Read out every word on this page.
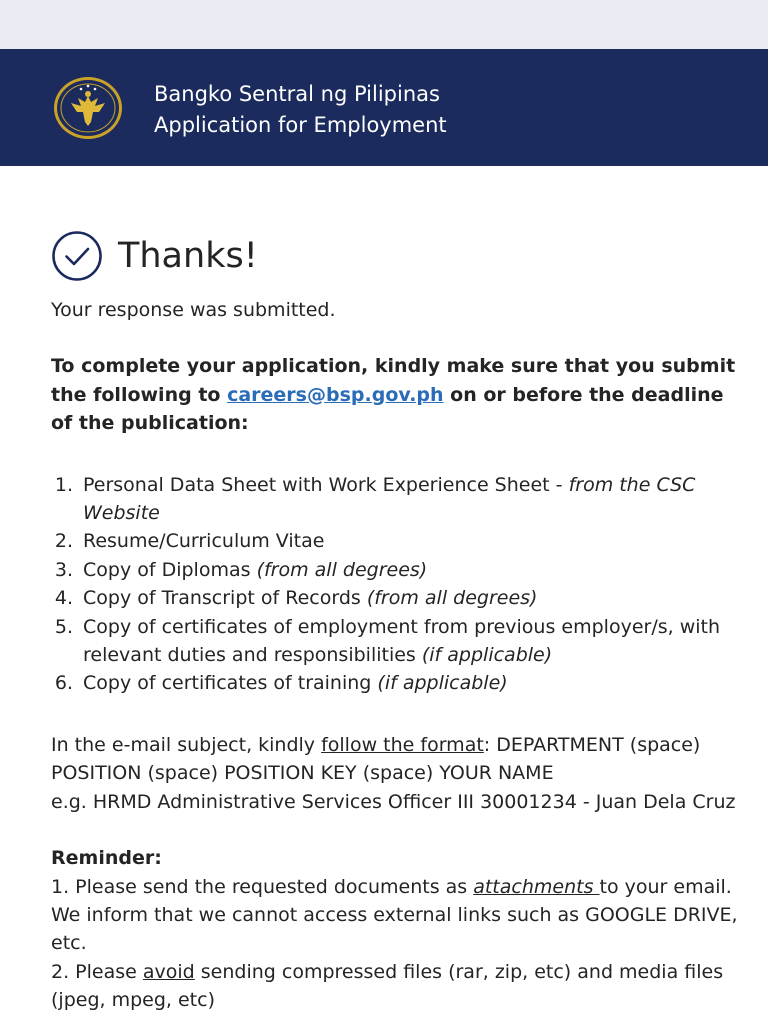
Bangko Sentral ng Pilipinas
Application for Employment
Thanks!

Your response was submitted.

To complete your application, kindly make sure that you submit the following to careers@bsp.gov.ph on or before the deadline of the publication:

Personal Data Sheet with Work Experience Sheet - from the CSC Website
Resume/Curriculum Vitae
Copy of Diplomas (from all degrees)
Copy of Transcript of Records (from all degrees)
Copy of certificates of employment from previous employer/s, with relevant duties and responsibilities (if applicable)
Copy of certificates of training (if applicable)

In the e-mail subject, kindly follow the format: DEPARTMENT (space) POSITION (space) POSITION KEY (space) YOUR NAME

e.g. HRMD Administrative Services Officer III 30001234 - Juan Dela Cruz

Reminder:

1. Please send the requested documents as attachments to your email. We inform that we cannot access external links such as GOOGLE DRIVE, etc.

2. Please avoid sending compressed files (rar, zip, etc) and media files (jpeg, mpeg, etc)
